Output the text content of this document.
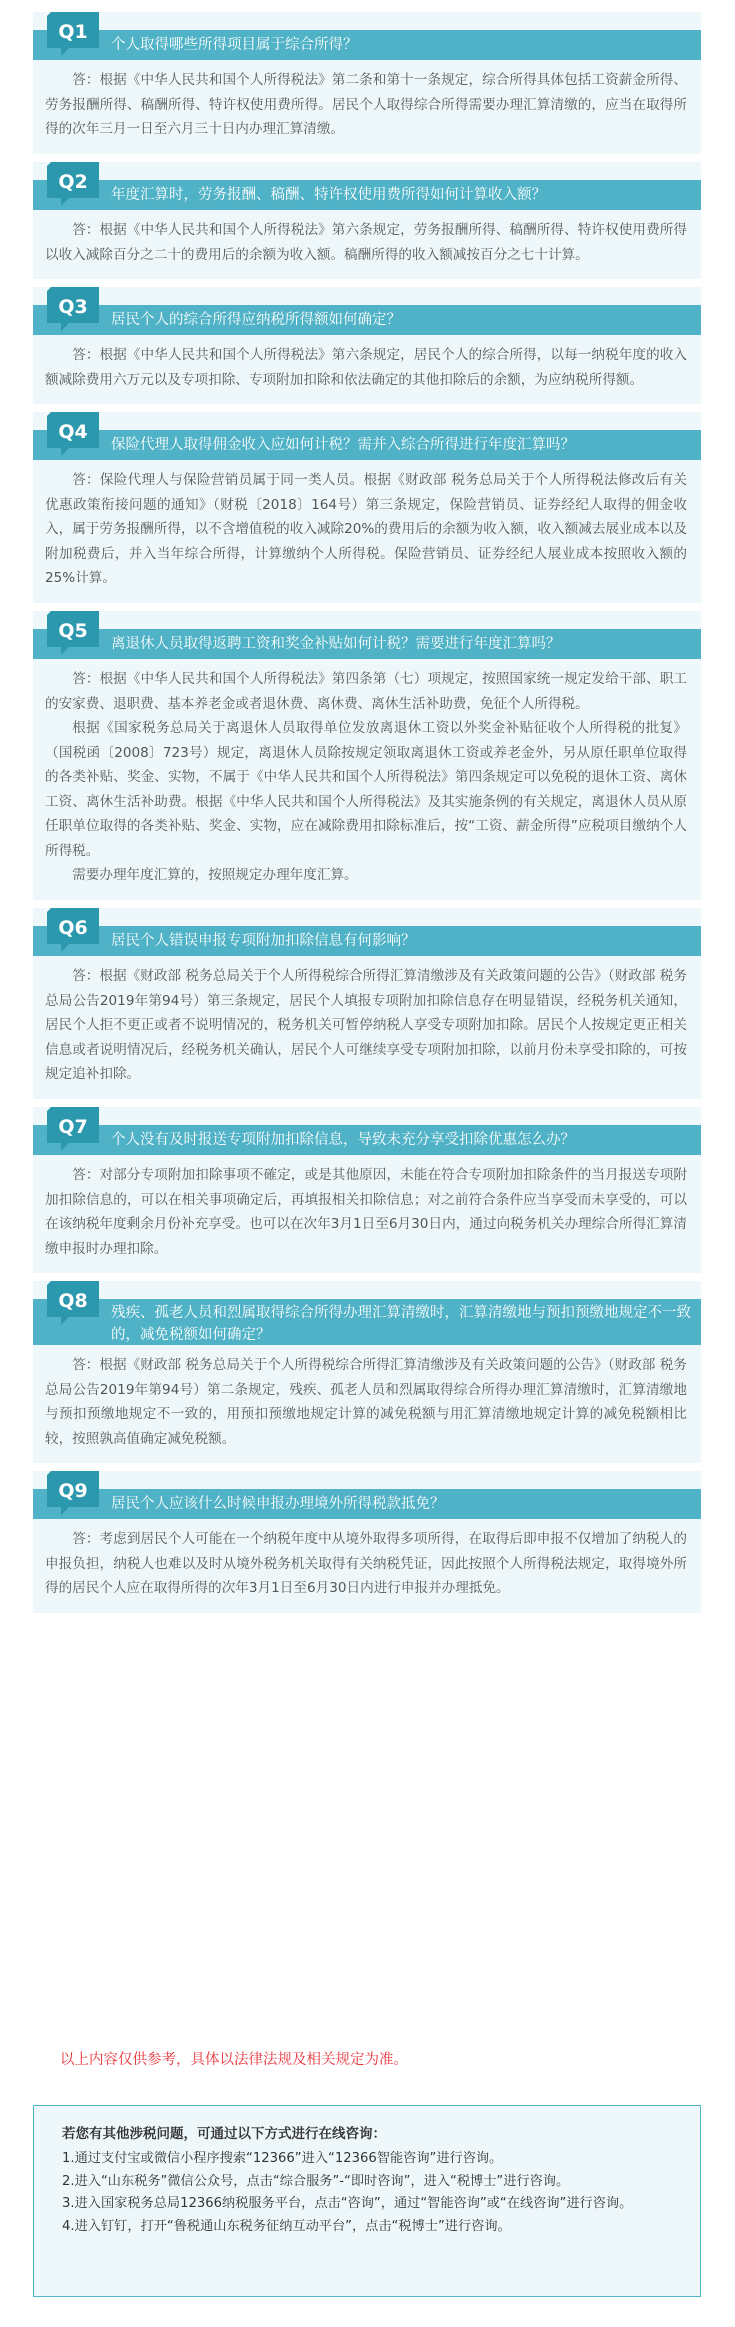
Q1
个人取得哪些所得项目属于综合所得？

答：根据《中华人民共和国个人所得税法》第二条和第十一条规定，综合所得具体包括工资薪金所得、劳务报酬所得、稿酬所得、特许权使用费所得。居民个人取得综合所得需要办理汇算清缴的，应当在取得所得的次年三月一日至六月三十日内办理汇算清缴。

Q2
年度汇算时，劳务报酬、稿酬、特许权使用费所得如何计算收入额？

答：根据《中华人民共和国个人所得税法》第六条规定，劳务报酬所得、稿酬所得、特许权使用费所得以收入减除百分之二十的费用后的余额为收入额。稿酬所得的收入额减按百分之七十计算。

Q3
居民个人的综合所得应纳税所得额如何确定？

答：根据《中华人民共和国个人所得税法》第六条规定，居民个人的综合所得，以每一纳税年度的收入额减除费用六万元以及专项扣除、专项附加扣除和依法确定的其他扣除后的余额，为应纳税所得额。

Q4
保险代理人取得佣金收入应如何计税？需并入综合所得进行年度汇算吗？

答：保险代理人与保险营销员属于同一类人员。根据《财政部 税务总局关于个人所得税法修改后有关优惠政策衔接问题的通知》（财税〔2018〕164号）第三条规定，保险营销员、证券经纪人取得的佣金收入，属于劳务报酬所得，以不含增值税的收入减除20%的费用后的余额为收入额，收入额减去展业成本以及附加税费后，并入当年综合所得，计算缴纳个人所得税。保险营销员、证券经纪人展业成本按照收入额的25%计算。

Q5
离退休人员取得返聘工资和奖金补贴如何计税？需要进行年度汇算吗？

答：根据《中华人民共和国个人所得税法》第四条第（七）项规定，按照国家统一规定发给干部、职工的安家费、退职费、基本养老金或者退休费、离休费、离休生活补助费，免征个人所得税。

根据《国家税务总局关于离退休人员取得单位发放离退休工资以外奖金补贴征收个人所得税的批复》（国税函〔2008〕723号）规定，离退休人员除按规定领取离退休工资或养老金外，另从原任职单位取得的各类补贴、奖金、实物，不属于《中华人民共和国个人所得税法》第四条规定可以免税的退休工资、离休工资、离休生活补助费。根据《中华人民共和国个人所得税法》及其实施条例的有关规定，离退休人员从原任职单位取得的各类补贴、奖金、实物，应在减除费用扣除标准后，按“工资、薪金所得”应税项目缴纳个人所得税。

需要办理年度汇算的，按照规定办理年度汇算。

Q6
居民个人错误申报专项附加扣除信息有何影响？

答：根据《财政部 税务总局关于个人所得税综合所得汇算清缴涉及有关政策问题的公告》（财政部 税务总局公告2019年第94号）第三条规定，居民个人填报专项附加扣除信息存在明显错误，经税务机关通知，居民个人拒不更正或者不说明情况的，税务机关可暂停纳税人享受专项附加扣除。居民个人按规定更正相关信息或者说明情况后，经税务机关确认，居民个人可继续享受专项附加扣除，以前月份未享受扣除的，可按规定追补扣除。

Q7
个人没有及时报送专项附加扣除信息，导致未充分享受扣除优惠怎么办？

答：对部分专项附加扣除事项不確定，或是其他原因，未能在符合专项附加扣除条件的当月报送专项附加扣除信息的，可以在相关事项确定后，再填报相关扣除信息；对之前符合条件应当享受而未享受的，可以在该纳税年度剩余月份补充享受。也可以在次年3月1日至6月30日内，通过向税务机关办理综合所得汇算清缴申报时办理扣除。

Q8
残疾、孤老人员和烈属取得综合所得办理汇算清缴时，汇算清缴地与预扣预缴地规定不一致的，减免税额如何确定？

答：根据《财政部 税务总局关于个人所得税综合所得汇算清缴涉及有关政策问题的公告》（财政部 税务总局公告2019年第94号）第二条规定，残疾、孤老人员和烈属取得综合所得办理汇算清缴时，汇算清缴地与预扣预缴地规定不一致的，用预扣预缴地规定计算的减免税额与用汇算清缴地规定计算的减免税额相比较，按照孰高值确定减免税额。

Q9
居民个人应该什么时候申报办理境外所得税款抵免？

答：考虑到居民个人可能在一个纳税年度中从境外取得多项所得，在取得后即申报不仅增加了纳税人的申报负担，纳税人也难以及时从境外税务机关取得有关纳税凭证，因此按照个人所得税法规定，取得境外所得的居民个人应在取得所得的次年3月1日至6月30日内进行申报并办理抵免。

以上内容仅供参考，具体以法律法规及相关规定为准。
若您有其他涉税问题，可通过以下方式进行在线咨询：
1.通过支付宝或微信小程序搜索“12366”进入“12366智能咨询”进行咨询。
2.进入“山东税务”微信公众号，点击“综合服务”-“即时咨询”，进入“税博士”进行咨询。
3.进入国家税务总局12366纳税服务平台，点击“咨询”，通过“智能咨询”或“在线咨询”进行咨询。
4.进入钉钉，打开“鲁税通山东税务征纳互动平台”，点击“税博士”进行咨询。
